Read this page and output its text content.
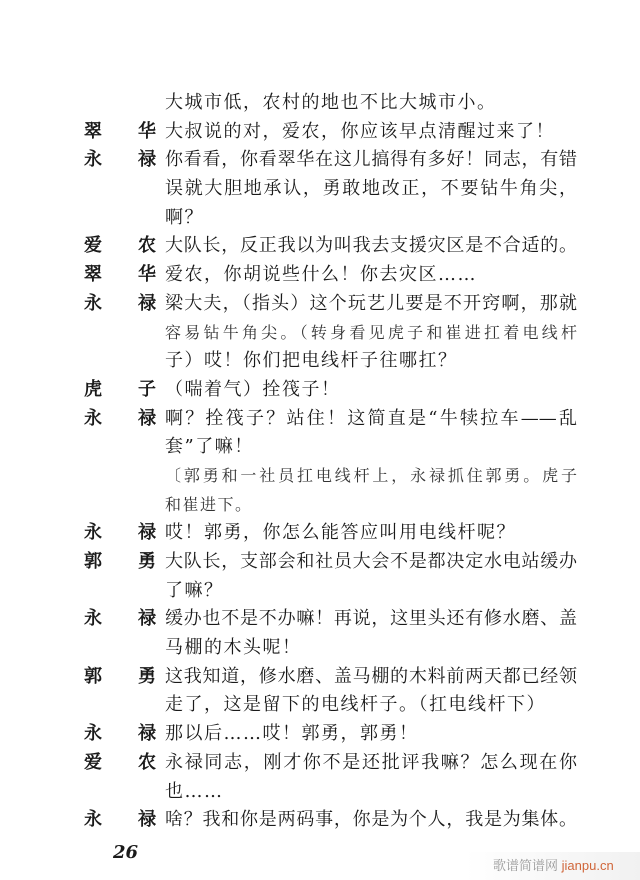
大城市低，农村的地也不比大城市小。
翠 华 大叔说的对，爱农，你应该早点清醒过来了！
永 禄 你看看，你看翠华在这儿搞得有多好！同志，有错
误就大胆地承认，勇敢地改正，不要钻牛角尖，
啊？
爱 农 大队长，反正我以为叫我去支援灾区是不合适的。
翠 华 爱农，你胡说些什么！你去灾区……
永 禄 梁大夫，（指头）这个玩艺儿要是不开窍啊，那就
容易钻牛角尖。（转身看见虎子和崔进扛着电线杆
子）哎！你们把电线杆子往哪扛？
虎 子 （喘着气）拴筏子！
永 禄 啊？拴筏子？站住！这简直是“牛犊拉车——乱
套”了嘛！
〔郭勇和一社员扛电线杆上，永禄抓住郭勇。虎子
和崔进下。
永 禄 哎！郭勇，你怎么能答应叫用电线杆呢？
郭 勇 大队长，支部会和社员大会不是都决定水电站缓办
了嘛？
永 禄 缓办也不是不办嘛！再说，这里头还有修水磨、盖
马棚的木头呢！
郭 勇 这我知道，修水磨、盖马棚的木料前两天都已经领
走了，这是留下的电线杆子。（扛电线杆下）
永 禄 那以后……哎！郭勇，郭勇！
爱 农 永禄同志，刚才你不是还批评我嘛？怎么现在你
也……
永 禄 啥？我和你是两码事，你是为个人，我是为集体。
26
歌谱简谱网 jianpu.cn
